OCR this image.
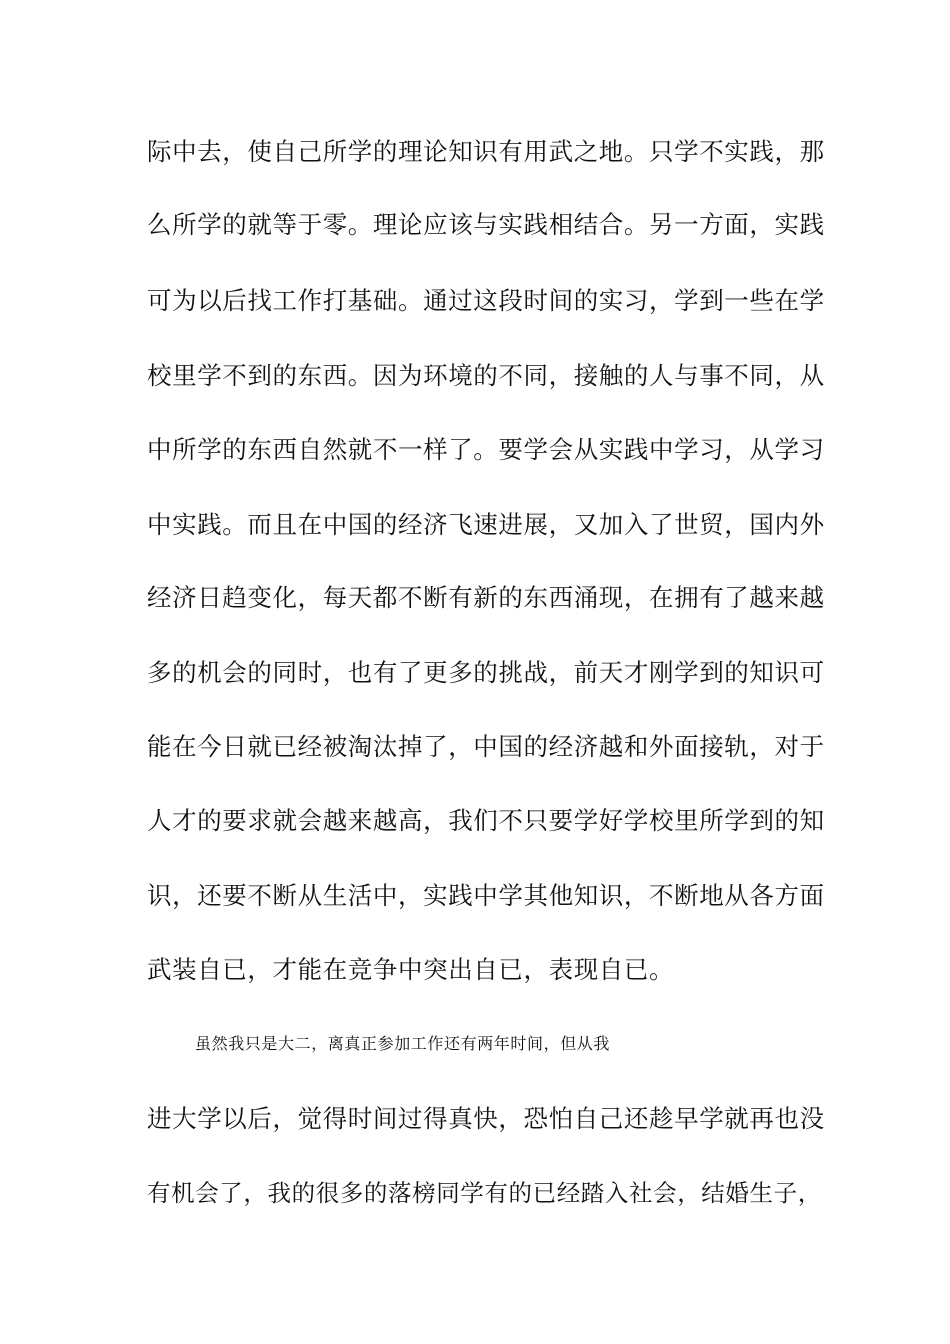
际中去，使自己所学的理论知识有用武之地。只学不实践，那
么所学的就等于零。理论应该与实践相结合。另一方面，实践
可为以后找工作打基础。通过这段时间的实习，学到一些在学
校里学不到的东西。因为环境的不同，接触的人与事不同，从
中所学的东西自然就不一样了。要学会从实践中学习，从学习
中实践。而且在中国的经济飞速进展，又加入了世贸，国内外
经济日趋变化，每天都不断有新的东西涌现，在拥有了越来越
多的机会的同时，也有了更多的挑战，前天才刚学到的知识可
能在今日就已经被淘汰掉了，中国的经济越和外面接轨，对于
人才的要求就会越来越高，我们不只要学好学校里所学到的知
识，还要不断从生活中，实践中学其他知识，不断地从各方面
武装自已，才能在竞争中突出自已，表现自已。
虽然我只是大二，离真正参加工作还有两年时间，但从我
进大学以后，觉得时间过得真快，恐怕自己还趁早学就再也没
有机会了，我的很多的落榜同学有的已经踏入社会，结婚生子，
